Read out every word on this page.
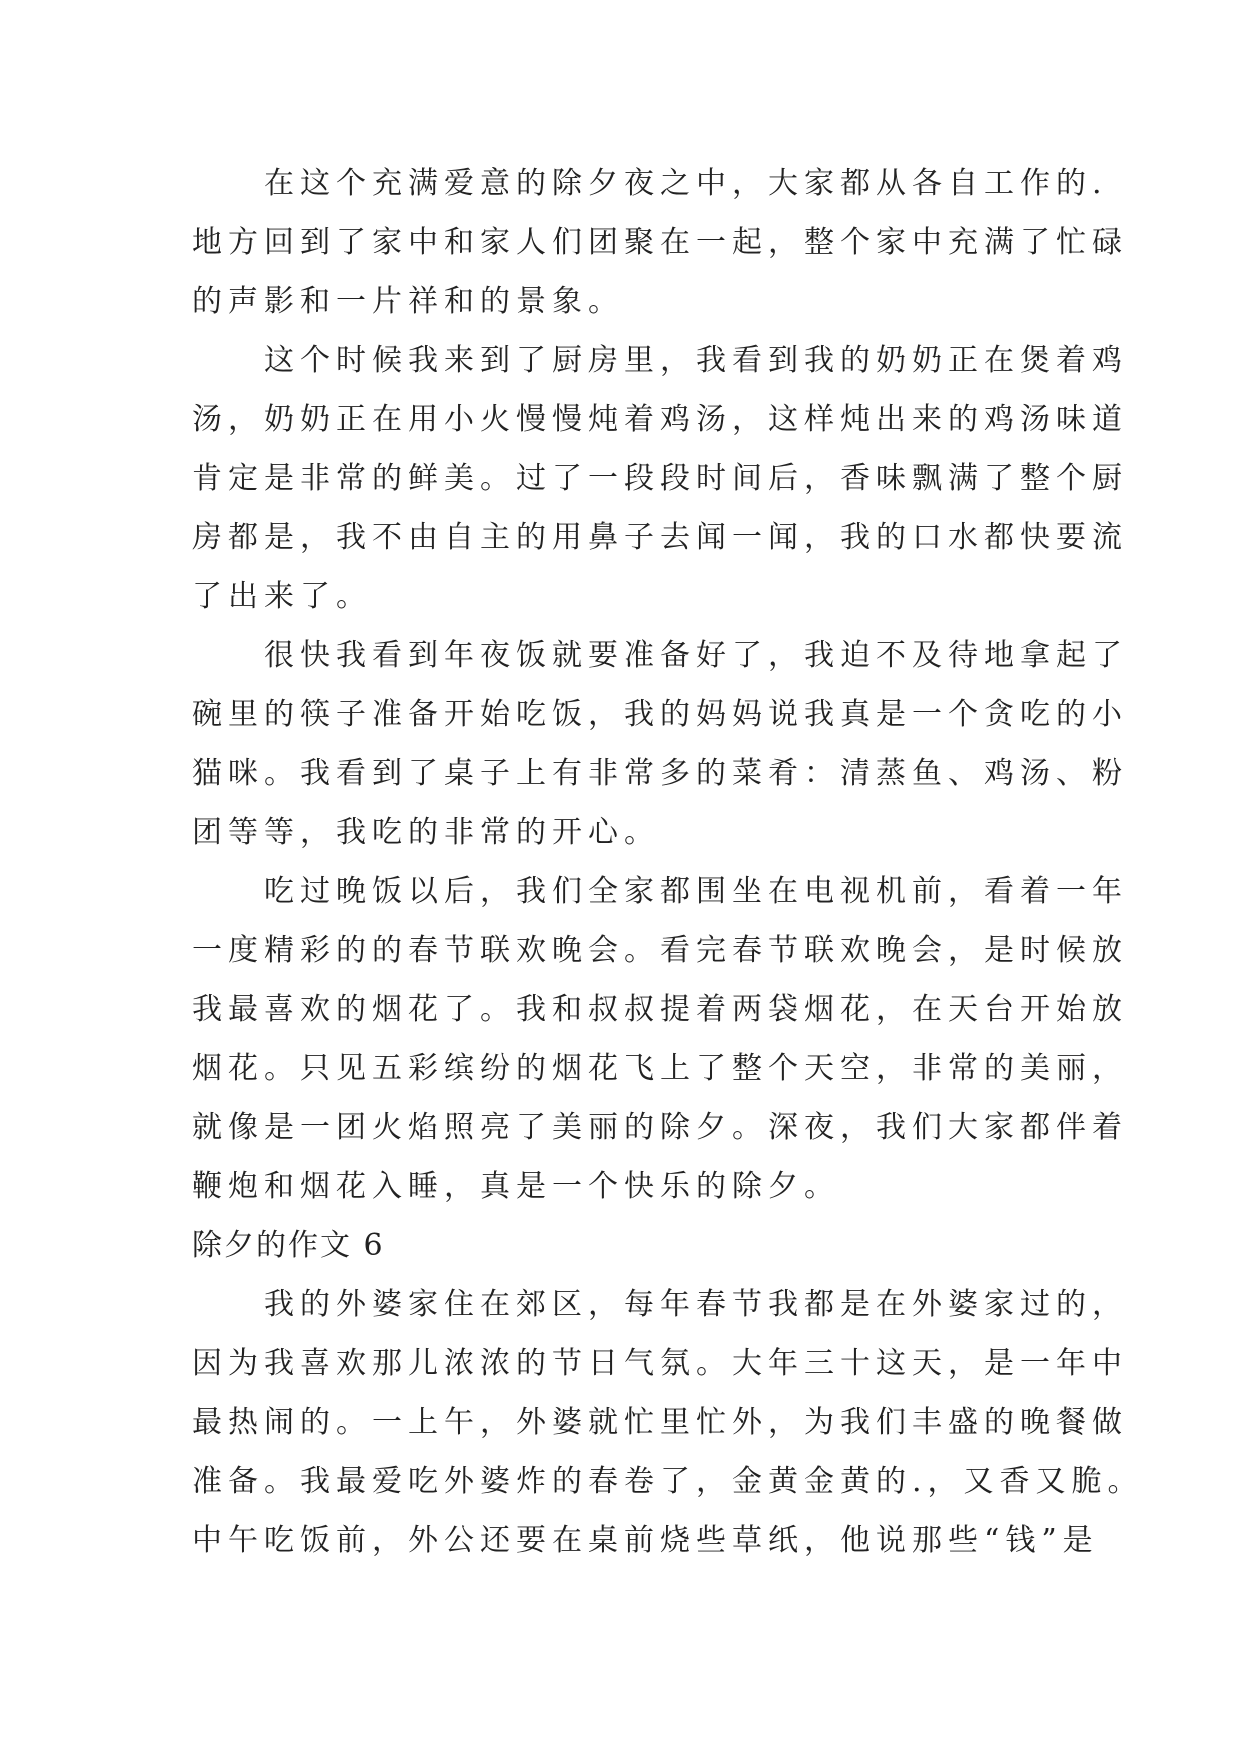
　　在这个充满爱意的除夕夜之中，大家都从各自工作的.
地方回到了家中和家人们团聚在一起，整个家中充满了忙碌
的声影和一片祥和的景象。
　　这个时候我来到了厨房里，我看到我的奶奶正在煲着鸡
汤，奶奶正在用小火慢慢炖着鸡汤，这样炖出来的鸡汤味道
肯定是非常的鲜美。过了一段段时间后，香味飘满了整个厨
房都是，我不由自主的用鼻子去闻一闻，我的口水都快要流
了出来了。
　　很快我看到年夜饭就要准备好了，我迫不及待地拿起了
碗里的筷子准备开始吃饭，我的妈妈说我真是一个贪吃的小
猫咪。我看到了桌子上有非常多的菜肴：清蒸鱼、鸡汤、粉
团等等，我吃的非常的开心。
　　吃过晚饭以后，我们全家都围坐在电视机前，看着一年
一度精彩的的春节联欢晚会。看完春节联欢晚会，是时候放
我最喜欢的烟花了。我和叔叔提着两袋烟花，在天台开始放
烟花。只见五彩缤纷的烟花飞上了整个天空，非常的美丽，
就像是一团火焰照亮了美丽的除夕。深夜，我们大家都伴着
鞭炮和烟花入睡，真是一个快乐的除夕。
除夕的作文 6
　　我的外婆家住在郊区，每年春节我都是在外婆家过的，
因为我喜欢那儿浓浓的节日气氛。大年三十这天，是一年中
最热闹的。一上午，外婆就忙里忙外，为我们丰盛的晚餐做
准备。我最爱吃外婆炸的春卷了，金黄金黄的.，又香又脆。
中午吃饭前，外公还要在桌前烧些草纸，他说那些“钱”是
